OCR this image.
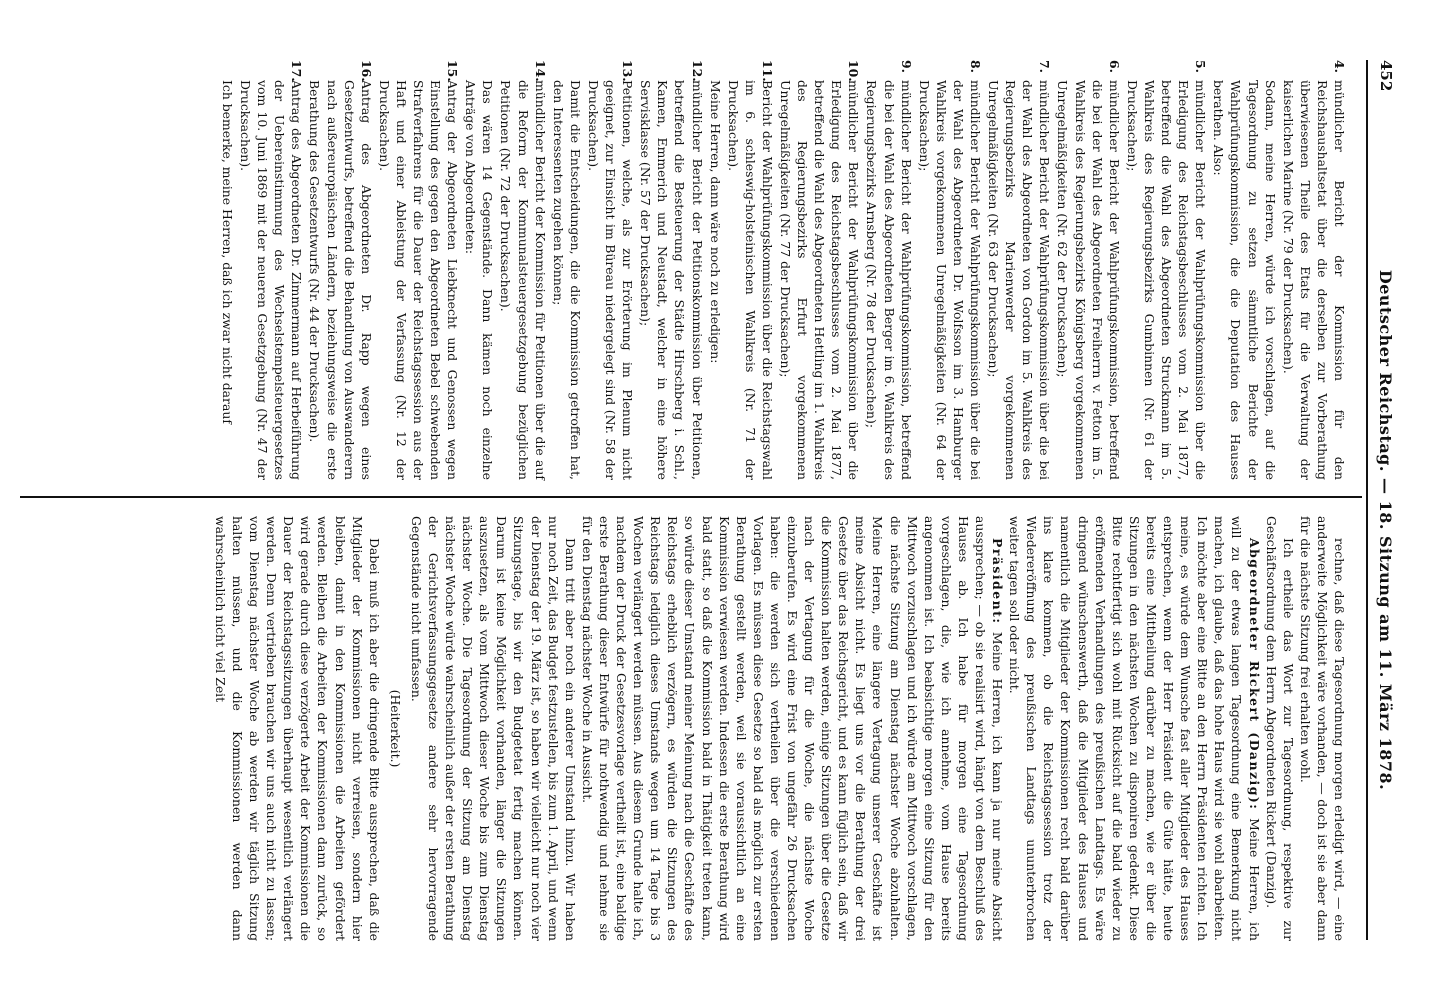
452
Deutscher Reichstag. — 18. Sitzung am 11. März 1878.
4.
mündlicher Bericht der Kommission für den Reichshaushaltsetat über die derselben zur Vorberathung überwiesenen Theile des Etats für die Verwaltung der kaiserlichen Marine (Nr. 79 der Drucksachen).
Sodann, meine Herren, würde ich vorschlagen, auf die Tagesordnung zu setzen sämmtliche Berichte der Wahlprüfungskommission, die die Deputation des Hauses berathen. Also:
5.
mündlicher Bericht der Wahlprüfungskommission über die Erledigung des Reichstagsbeschlusses vom 2. Mai 1877, betreffend die Wahl des Abgeordneten Struckmann im 5. Wahlkreis des Regierungsbezirks Gumbinnen (Nr. 61 der Drucksachen);
6.
mündlicher Bericht der Wahlprüfungskommission, betreffend die bei der Wahl des Abgeordneten Freiherrn v. Fetton im 5. Wahlkreis des Regierungsbezirks Königsberg vorgekommenen Unregelmäßigkeiten (Nr. 62 der Drucksachen);
7.
mündlicher Bericht der Wahlprüfungskommission über die bei der Wahl des Abgeordneten von Gordon im 5. Wahlkreis des Regierungsbezirks Marienwerder vorgekommenen Unregelmäßigkeiten (Nr. 63 der Drucksachen);
8.
mündlicher Bericht der Wahlprüfungskommission über die bei der Wahl des Abgeordneten Dr. Wolfsson im 3. Hamburger Wahlkreis vorgekommenen Unregelmäßigkeiten (Nr. 64 der Drucksachen);
9.
mündlicher Bericht der Wahlprüfungskommission, betreffend die bei der Wahl des Abgeordneten Berger im 6. Wahlkreis des Regierungsbezirks Arnsberg (Nr. 78 der Drucksachen);
10.
mündlicher Bericht der Wahlprüfungskommission über die Erledigung des Reichstagsbeschlusses vom 2. Mai 1877, betreffend die Wahl des Abgeordneten Hettling im 1. Wahlkreis des Regierungsbezirks Erfurt vorgekommenen Unregelmäßigkeiten (Nr. 77 der Drucksachen);
11.
Bericht der Wahlprüfungskommission über die Reichstagswahl im 6. schleswig-holsteinischen Wahlkreis (Nr. 71 der Drucksachen).
Meine Herren, dann wäre noch zu erledigen:
12.
mündlicher Bericht der Petitionskommission über Petitionen, betreffend die Besteuerung der Städte Hirschberg i. Schl., Kamen, Emmerich und Neustadt, welcher in eine höhere Servisklasse (Nr. 57 der Drucksachen);
13.
Petitionen, welche, als zur Erörterung im Plenum nicht geeignet, zur Einsicht im Büreau niedergelegt sind (Nr. 58 der Drucksachen).
Damit die Entscheidungen, die die Kommission getroffen hat, den Interessenten zugehen können;
14.
mündlicher Bericht der Kommission für Petitionen über die auf die Reform der Kommunalsteuergesetzgebung bezüglichen Petitionen (Nr. 72 der Drucksachen).
Das wären 14 Gegenstände. Dann kämen noch einzelne Anträge von Abgeordneten:
15.
Antrag der Abgeordneten Liebknecht und Genossen wegen Einstellung des gegen den Abgeordneten Bebel schwebenden Strafverfahrens für die Dauer der Reichstagssession aus der Haft und einer Ableistung der Verfassung (Nr. 12 der Drucksachen).
16.
Antrag des Abgeordneten Dr. Rapp wegen eines Gesetzentwurfs, betreffend die Behandlung von Auswanderern nach außereuropäischen Ländern, beziehungsweise die erste Berathung des Gesetzentwurfs (Nr. 44 der Drucksachen).
17.
Antrag des Abgeordneten Dr. Zimmermann auf Herbeiführung der Uebereinstimmung des Wechselstempelsteuergesetzes vom 10. Juni 1869 mit der neueren Gesetzgebung (Nr. 47 der Drucksachen).
Ich bemerke, meine Herren, daß ich zwar nicht darauf

rechne, daß diese Tagesordnung morgen erledigt wird, — eine anderweite Möglichkeit wäre vorhanden, — doch ist sie aber dann für die nächste Sitzung frei erhalten wohl.

Ich ertheile das Wort zur Tagesordnung, respektive zur Geschäftsordnung dem Herrn Abgeordneten Rickert (Danzig).

Abgeordneter Rickert (Danzig): Meine Herren, ich will zu der etwas langen Tagesordnung eine Bemerkung nicht machen, ich glaube, daß das hohe Haus wird sie wohl abarbeiten. Ich möchte aber eine Bitte an den Herrn Präsidenten richten. Ich meine, es würde dem Wunsche fast aller Mitglieder des Hauses entsprechen, wenn der Herr Präsident die Güte hätte, heute bereits eine Mittheilung darüber zu machen, wie er über die Sitzungen in den nächsten Wochen zu disponiren gedenkt. Diese Bitte rechtfertigt sich wohl mit Rücksicht auf die bald wieder zu eröffnenden Verhandlungen des preußischen Landtags. Es wäre dringend wünschenswerth, daß die Mitglieder des Hauses und namentlich die Mitglieder der Kommissionen recht bald darüber ins klare kommen, ob die Reichstagssession trotz der Wiedereröffnung des preußischen Landtags ununterbrochen weiter tagen soll oder nicht.

Präsident: Meine Herren, ich kann ja nur meine Absicht aussprechen; — ob sie realisirt wird, hängt von dem Beschluß des Hauses ab. Ich habe für morgen eine Tagesordnung vorgeschlagen, die, wie ich annehme, vom Hause bereits angenommen ist. Ich beabsichtige morgen eine Sitzung für den Mittwoch vorzuschlagen und ich würde am Mittwoch vorschlagen, die nächste Sitzung am Dienstag nächster Woche abzuhalten. Meine Herren, eine längere Vertagung unserer Geschäfte ist meine Absicht nicht. Es liegt uns vor die Berathung der drei Gesetze über das Reichsgericht, und es kann füglich sein, daß wir die Kommission halten werden, einige Sitzungen über die Gesetze nach der Vertagung für die Woche, die nächste Woche einzuberufen. Es wird eine Frist von ungefähr 26 Drucksachen haben: die werden sich vertheilen über die verschiedenen Vorlagen. Es müssen diese Gesetze so bald als möglich zur ersten Berathung gestellt werden, weil sie voraussichtlich an eine Kommission verwiesen werden. Indessen die erste Berathung wird bald statt, so daß die Kommission bald in Thätigkeit treten kann, so würde dieser Umstand meiner Meinung nach die Geschäfte des Reichstags erheblich verzögern, es würden die Sitzungen des Reichstags lediglich dieses Umstands wegen um 14 Tage bis 3 Wochen verlängert werden müssen. Aus diesem Grunde halte ich, nachdem der Druck der Gesetzesvorlage vertheilt ist, eine baldige erste Berathung dieser Entwürfe für nothwendig und nehme sie für den Dienstag nächster Woche in Aussicht.

Dann tritt aber noch ein anderer Umstand hinzu. Wir haben nur noch Zeit, das Budget festzustellen, bis zum 1. April, und wenn der Dienstag der 19. März ist, so haben wir vielleicht nur noch vier Sitzungstage, bis wir den Budgetetat fertig machen können. Darum ist keine Möglichkeit vorhanden, länger die Sitzungen auszusetzen, als vom Mittwoch dieser Woche bis zum Dienstag nächster Woche. Die Tagesordnung der Sitzung am Dienstag nächster Woche würde wahrscheinlich außer der ersten Berathung der Gerichtsverfassungsgesetze andere sehr hervorragende Gegenstände nicht umfassen.

(Heiterkeit.)

Dabei muß ich aber die dringende Bitte aussprechen, daß die Mitglieder der Kommissionen nicht verreisen, sondern hier bleiben, damit in den Kommissionen die Arbeiten gefördert werden. Bleiben die Arbeiten der Kommissionen dann zurück, so wird gerade durch diese verzögerte Arbeit der Kommissionen die Dauer der Reichstagssitzungen überhaupt wesentlich verlängert werden. Denn vertrieben brauchen wir uns auch nicht zu lassen; vom Dienstag nächster Woche ab werden wir täglich Sitzung halten müssen, und die Kommissionen werden dann wahrscheinlich nicht viel Zeit
